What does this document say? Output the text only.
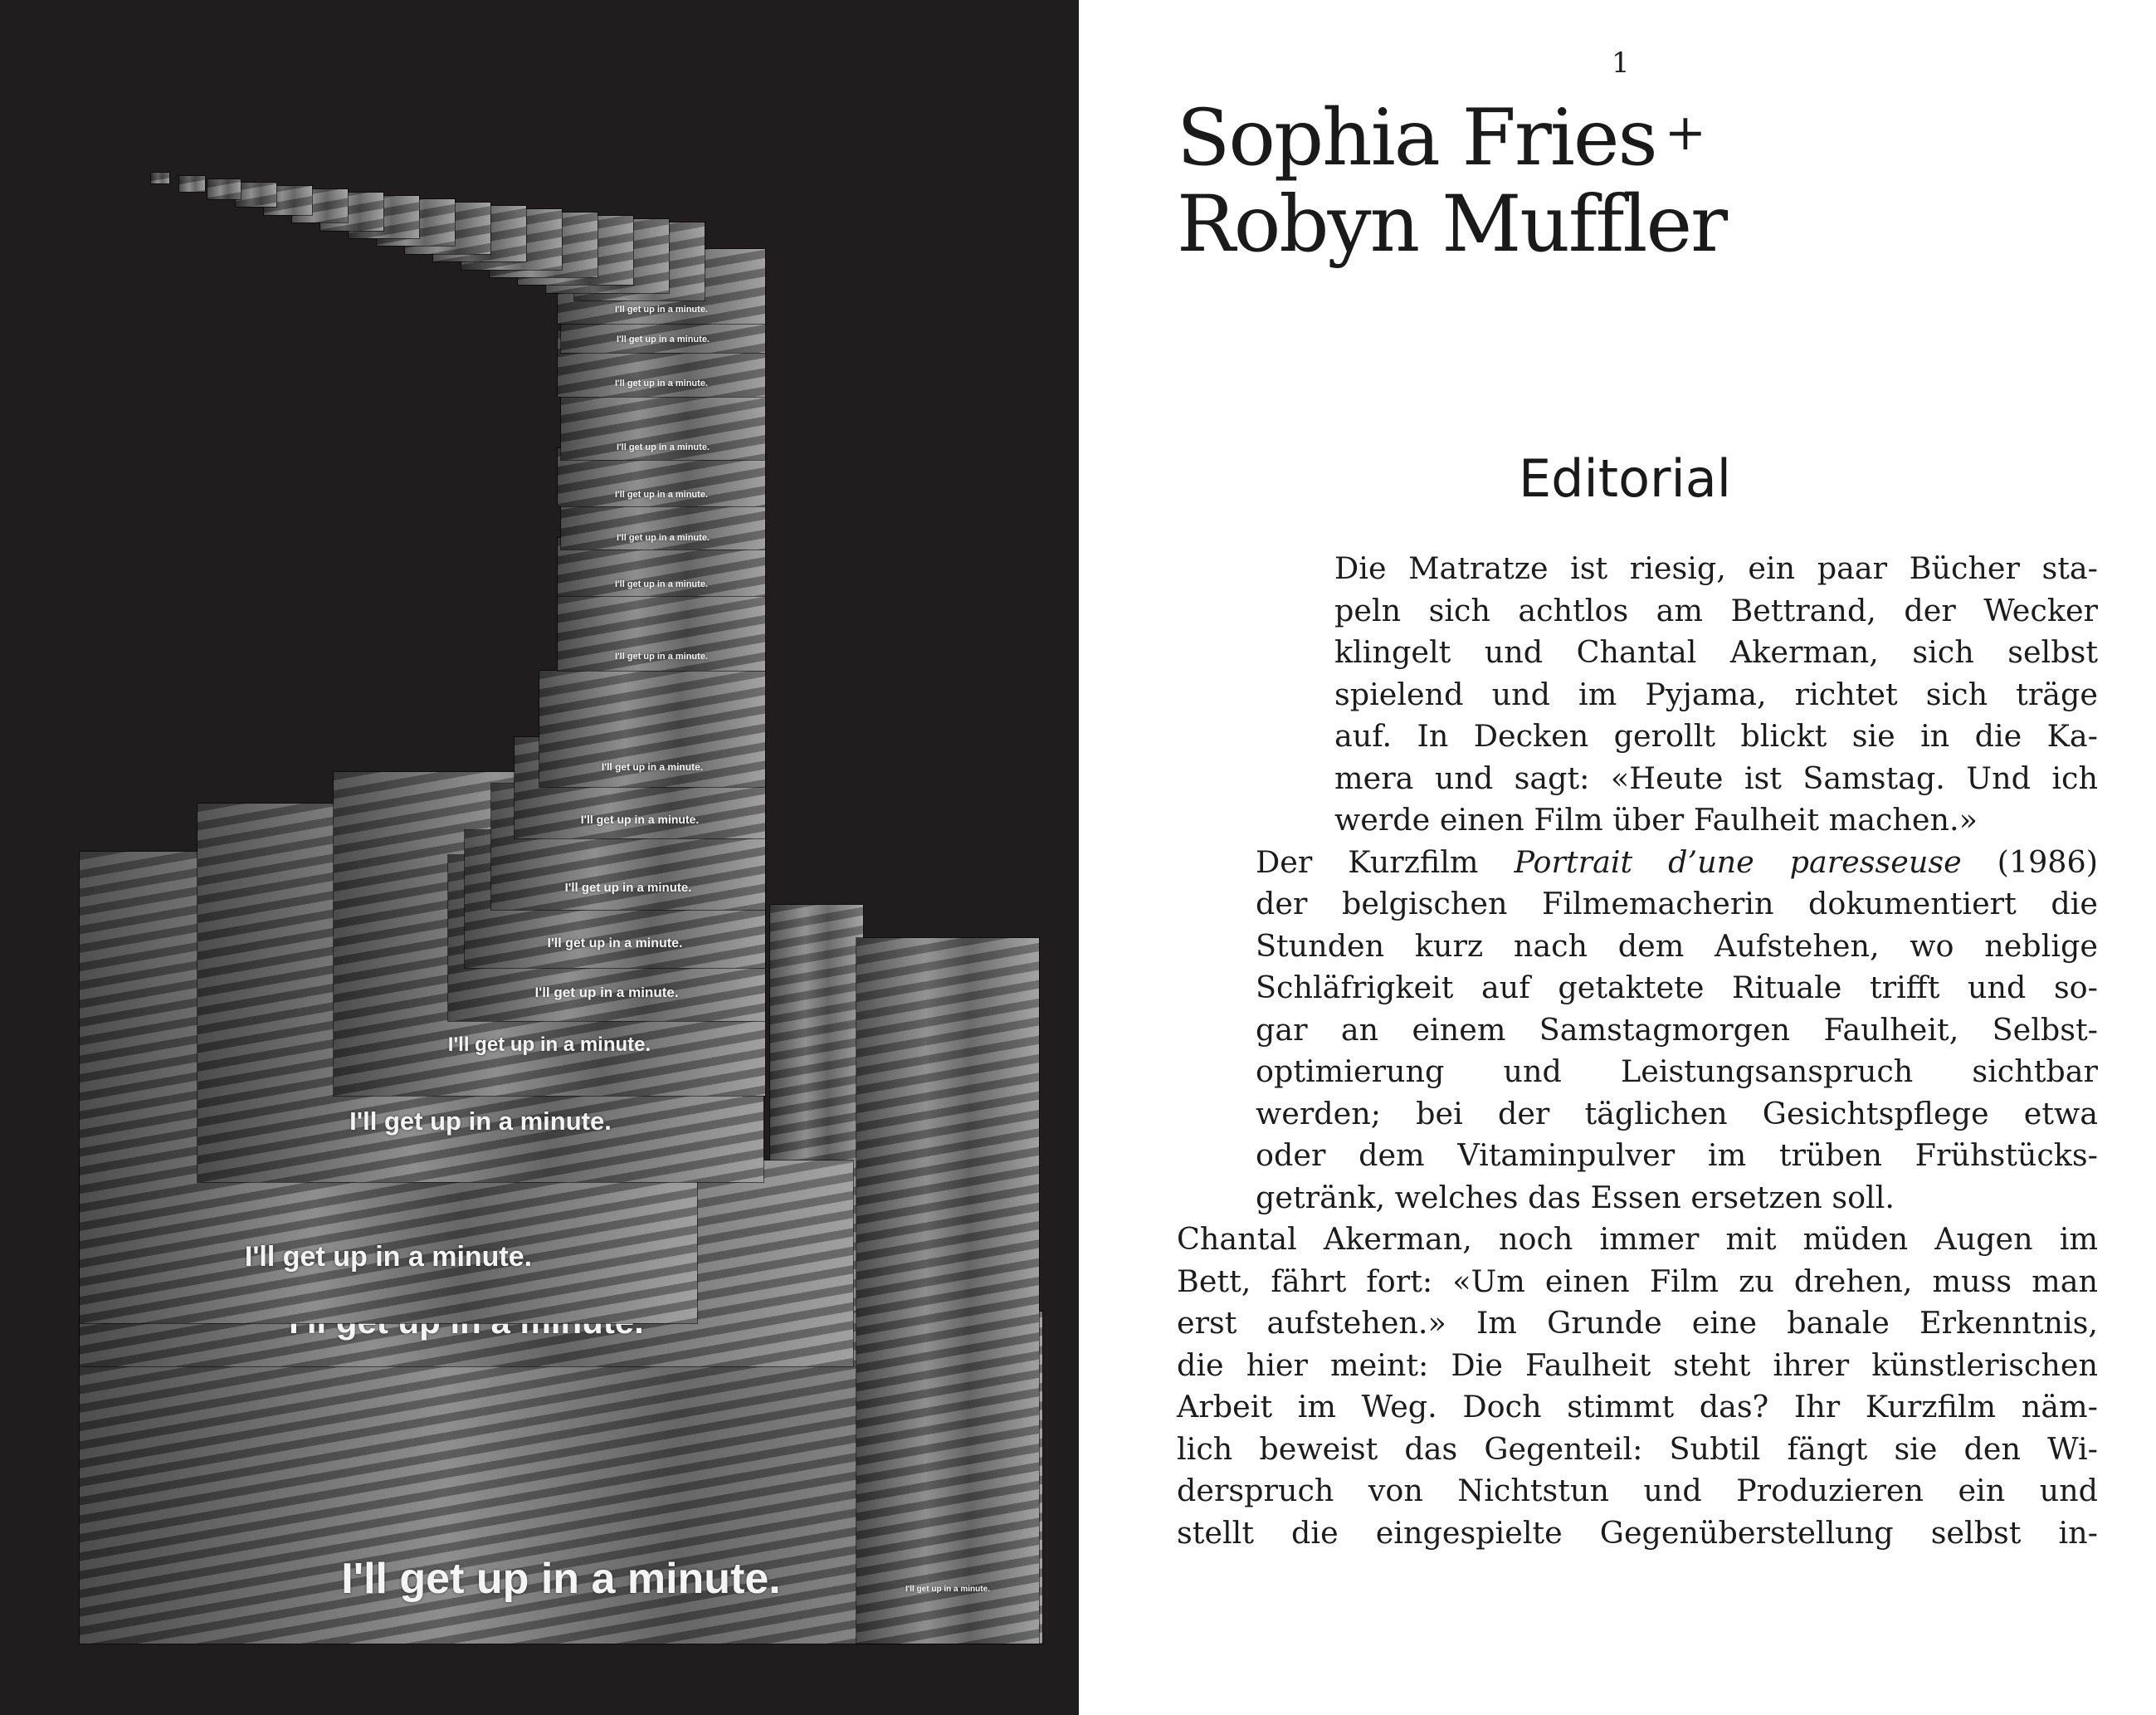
I'll get up in a minute.
I'll get up in a minute.
I'll get up in a minute.
I'll get up in a minute.
I'll get up in a minute.
I'll get up in a minute.
I'll get up in a minute.
I'll get up in a minute.
I'll get up in a minute.
I'll get up in a minute.
I'll get up in a minute.
I'll get up in a minute.
I'll get up in a minute.
I'll get up in a minute.
I'll get up in a minute.
I'll get up in a minute.
I'll get up in a minute.
I'll get up in a minute.
1
Sophia Fries +
Robyn Muffler
Editorial
Die Matratze ist riesig, ein paar Bücher sta-
peln sich achtlos am Bettrand, der Wecker
klingelt und Chantal Akerman, sich selbst
spielend und im Pyjama, richtet sich träge
auf. In Decken gerollt blickt sie in die Ka-
mera und sagt: «Heute ist Samstag. Und ich
werde einen Film über Faulheit machen.»
Der Kurzfilm Portrait d’une paresseuse (1986)
der belgischen Filmemacherin dokumentiert die
Stunden kurz nach dem Aufstehen, wo neblige
Schläfrigkeit auf getaktete Rituale trifft und so-
gar an einem Samstagmorgen Faulheit, Selbst-
optimierung und Leistungsanspruch sichtbar
werden; bei der täglichen Gesichtspflege etwa
oder dem Vitaminpulver im trüben Frühstücks-
getränk, welches das Essen ersetzen soll.
Chantal Akerman, noch immer mit müden Augen im
Bett, fährt fort: «Um einen Film zu drehen, muss man
erst aufstehen.» Im Grunde eine banale Erkenntnis,
die hier meint: Die Faulheit steht ihrer künstlerischen
Arbeit im Weg. Doch stimmt das? Ihr Kurzfilm näm-
lich beweist das Gegenteil: Subtil fängt sie den Wi-
derspruch von Nichtstun und Produzieren ein und
stellt die eingespielte Gegenüberstellung selbst in-
